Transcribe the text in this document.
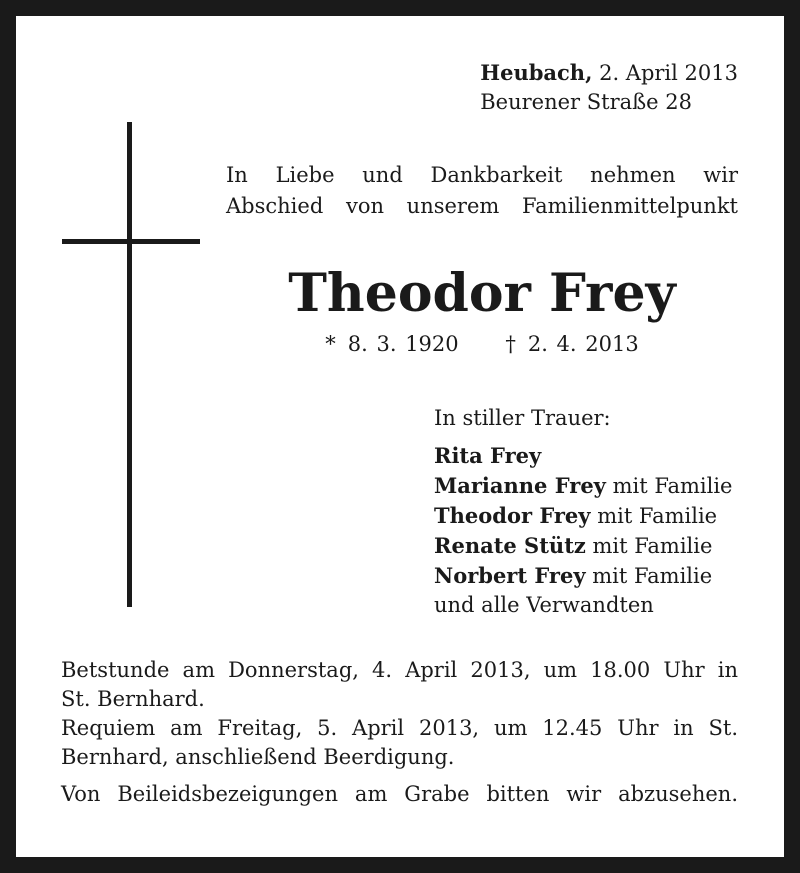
Heubach, 2. April 2013
Beurener Straße 28
In Liebe und Dankbarkeit nehmen wir
Abschied von unserem Familienmittelpunkt
Theodor Frey
* 8. 3. 1920 † 2. 4. 2013
In stiller Trauer:
Rita Frey
Marianne Frey mit Familie
Theodor Frey mit Familie
Renate Stütz mit Familie
Norbert Frey mit Familie
und alle Verwandten

Betstunde am Donnerstag, 4. April 2013, um 18.00 Uhr in

St. Bernhard.

Requiem am Freitag, 5. April 2013, um 12.45 Uhr in St.

Bernhard, anschließend Beerdigung.

Von Beileidsbezeigungen am Grabe bitten wir abzusehen.
